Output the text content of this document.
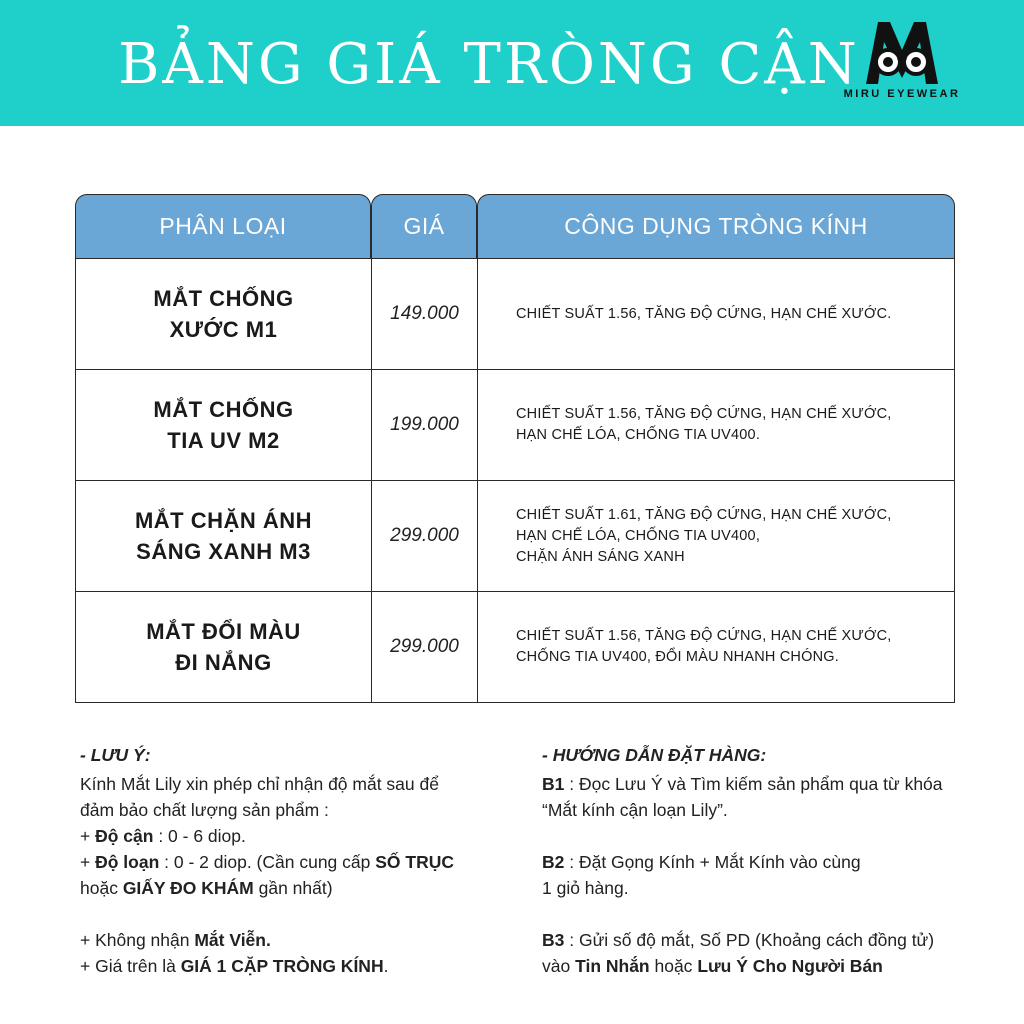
BẢNG GIÁ TRÒNG CẬN
MIRU EYEWEAR
PHÂN LOẠI	GIÁ	CÔNG DỤNG TRÒNG KÍNH
MẮT CHỐNG
XƯỚC M1	149.000	CHIẾT SUẤT 1.56, TĂNG ĐỘ CỨNG, HẠN CHẾ XƯỚC.
MẮT CHỐNG
TIA UV M2	199.000	CHIẾT SUẤT 1.56, TĂNG ĐỘ CỨNG, HẠN CHẾ XƯỚC,
HẠN CHẾ LÓA, CHỐNG TIA UV400.
MẮT CHẶN ÁNH
SÁNG XANH M3	299.000	CHIẾT SUẤT 1.61, TĂNG ĐỘ CỨNG, HẠN CHẾ XƯỚC,
HẠN CHẾ LÓA, CHỐNG TIA UV400,
CHẶN ÁNH SÁNG XANH
MẮT ĐỔI MÀU
ĐI NẮNG	299.000	CHIẾT SUẤT 1.56, TĂNG ĐỘ CỨNG, HẠN CHẾ XƯỚC,
CHỐNG TIA UV400, ĐỔI MÀU NHANH CHÓNG.
- LƯU Ý:

Kính Mắt Lily xin phép chỉ nhận độ mắt sau để
đảm bảo chất lượng sản phẩm :

+ Độ cận : 0 - 6 diop.

+ Độ loạn : 0 - 2 diop. (Cần cung cấp SỐ TRỤC
hoặc GIẤY ĐO KHÁM gần nhất)

+ Không nhận Mắt Viễn.

+ Giá trên là GIÁ 1 CẶP TRÒNG KÍNH.

- HƯỚNG DẪN ĐẶT HÀNG:

B1 : Đọc Lưu Ý và Tìm kiếm sản phẩm qua từ khóa
“Mắt kính cận loạn Lily”.

B2 : Đặt Gọng Kính + Mắt Kính vào cùng
1 giỏ hàng.

B3 : Gửi số độ mắt, Số PD (Khoảng cách đồng tử)
vào Tin Nhắn hoặc Lưu Ý Cho Người Bán
